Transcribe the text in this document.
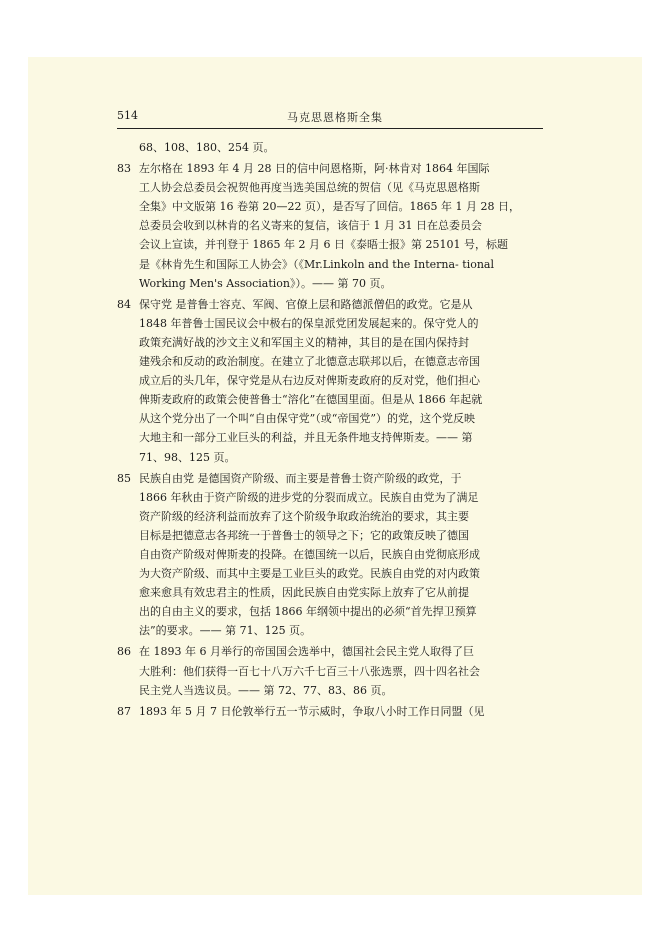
514	马克思恩格斯全集
68、108、180、254 页。
83 左尔格在 1893 年 4 月 28 日的信中问恩格斯，阿·林肯对 1864 年国际
工人协会总委员会祝贺他再度当选美国总统的贺信（见《马克思恩格斯
全集》中文版第 16 卷第 20—22 页），是否写了回信。1865 年 1 月 28 日，
总委员会收到以林肯的名义寄来的复信，该信于 1 月 31 日在总委员会
会议上宣读，并刊登于 1865 年 2 月 6 日《泰晤士报》第 25101 号，标题
是《林肯先生和国际工人协会》（《Mr.Linkoln and the Interna- tional
Working Men's Association》）。—— 第 70 页。
84 保守党 是普鲁士容克、军阀、官僚上层和路德派僧侣的政党。它是从
1848 年普鲁士国民议会中极右的保皇派党团发展起来的。保守党人的
政策充满好战的沙文主义和军国主义的精神，其目的是在国内保持封
建残余和反动的政治制度。在建立了北德意志联邦以后，在德意志帝国
成立后的头几年，保守党是从右边反对俾斯麦政府的反对党，他们担心
俾斯麦政府的政策会使普鲁士“溶化”在德国里面。但是从 1866 年起就
从这个党分出了一个叫“自由保守党”（或“帝国党”）的党，这个党反映
大地主和一部分工业巨头的利益，并且无条件地支持俾斯麦。—— 第
71、98、125 页。
85 民族自由党 是德国资产阶级、而主要是普鲁士资产阶级的政党，于
1866 年秋由于资产阶级的进步党的分裂而成立。民族自由党为了满足
资产阶级的经济利益而放弃了这个阶级争取政治统治的要求，其主要
目标是把德意志各邦统一于普鲁士的领导之下；它的政策反映了德国
自由资产阶级对俾斯麦的投降。在德国统一以后，民族自由党彻底形成
为大资产阶级、而其中主要是工业巨头的政党。民族自由党的对内政策
愈来愈具有效忠君主的性质，因此民族自由党实际上放弃了它从前提
出的自由主义的要求，包括 1866 年纲领中提出的必须“首先捍卫预算
法”的要求。—— 第 71、125 页。
86 在 1893 年 6 月举行的帝国国会选举中，德国社会民主党人取得了巨
大胜利：他们获得一百七十八万六千七百三十八张选票，四十四名社会
民主党人当选议员。—— 第 72、77、83、86 页。
87 1893 年 5 月 7 日伦敦举行五一节示威时，争取八小时工作日同盟（见
